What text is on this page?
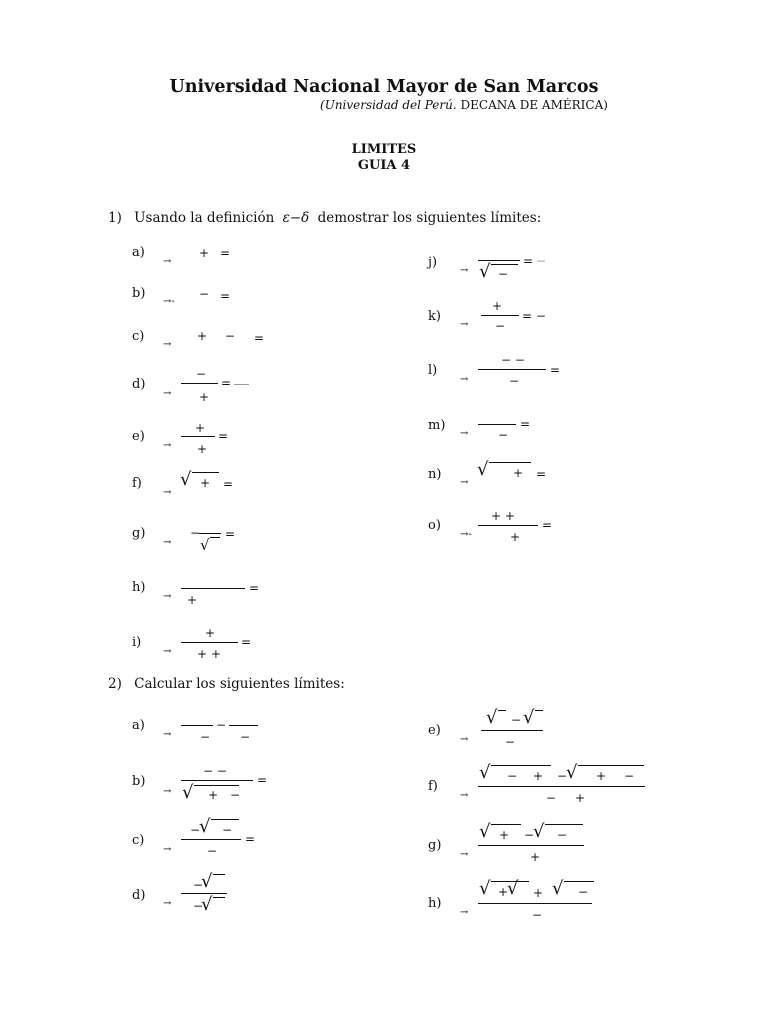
Universidad Nacional Mayor de San Marcos
(Universidad del Perú. DECANA DE AMÉRICA)
LIMITES
GUIA 4
1) Usando la definición ε−δ demostrar los siguientes límites:
a)
→
+ =
b)
→-
− =
c)
→
+ − =
d)
→
−
+
=
e)
→
+
+
=
f)
→
√ + =
g)
→
−
√
=
h)
→ +
=
i)
→
+
+ +
=
j)
→ √ −
= −
k)
→
+
−
= −
l)
→
− −
−
=
m)
→ −
=
n)
→
√ + =
o)
→-
+ +
+
=
2) Calcular los siguientes límites:
a)
→ −
−
−
b)
→
− −
√ + −
=
c)
→
−
√ −
−
=
d)
→
−
√
−
√
e)
→
√ − √
−
f)
→
√ − + −
√ + −
− +
g)
→
√ + −
√ −
+
h)
→
√ +
√ + √ −
−
